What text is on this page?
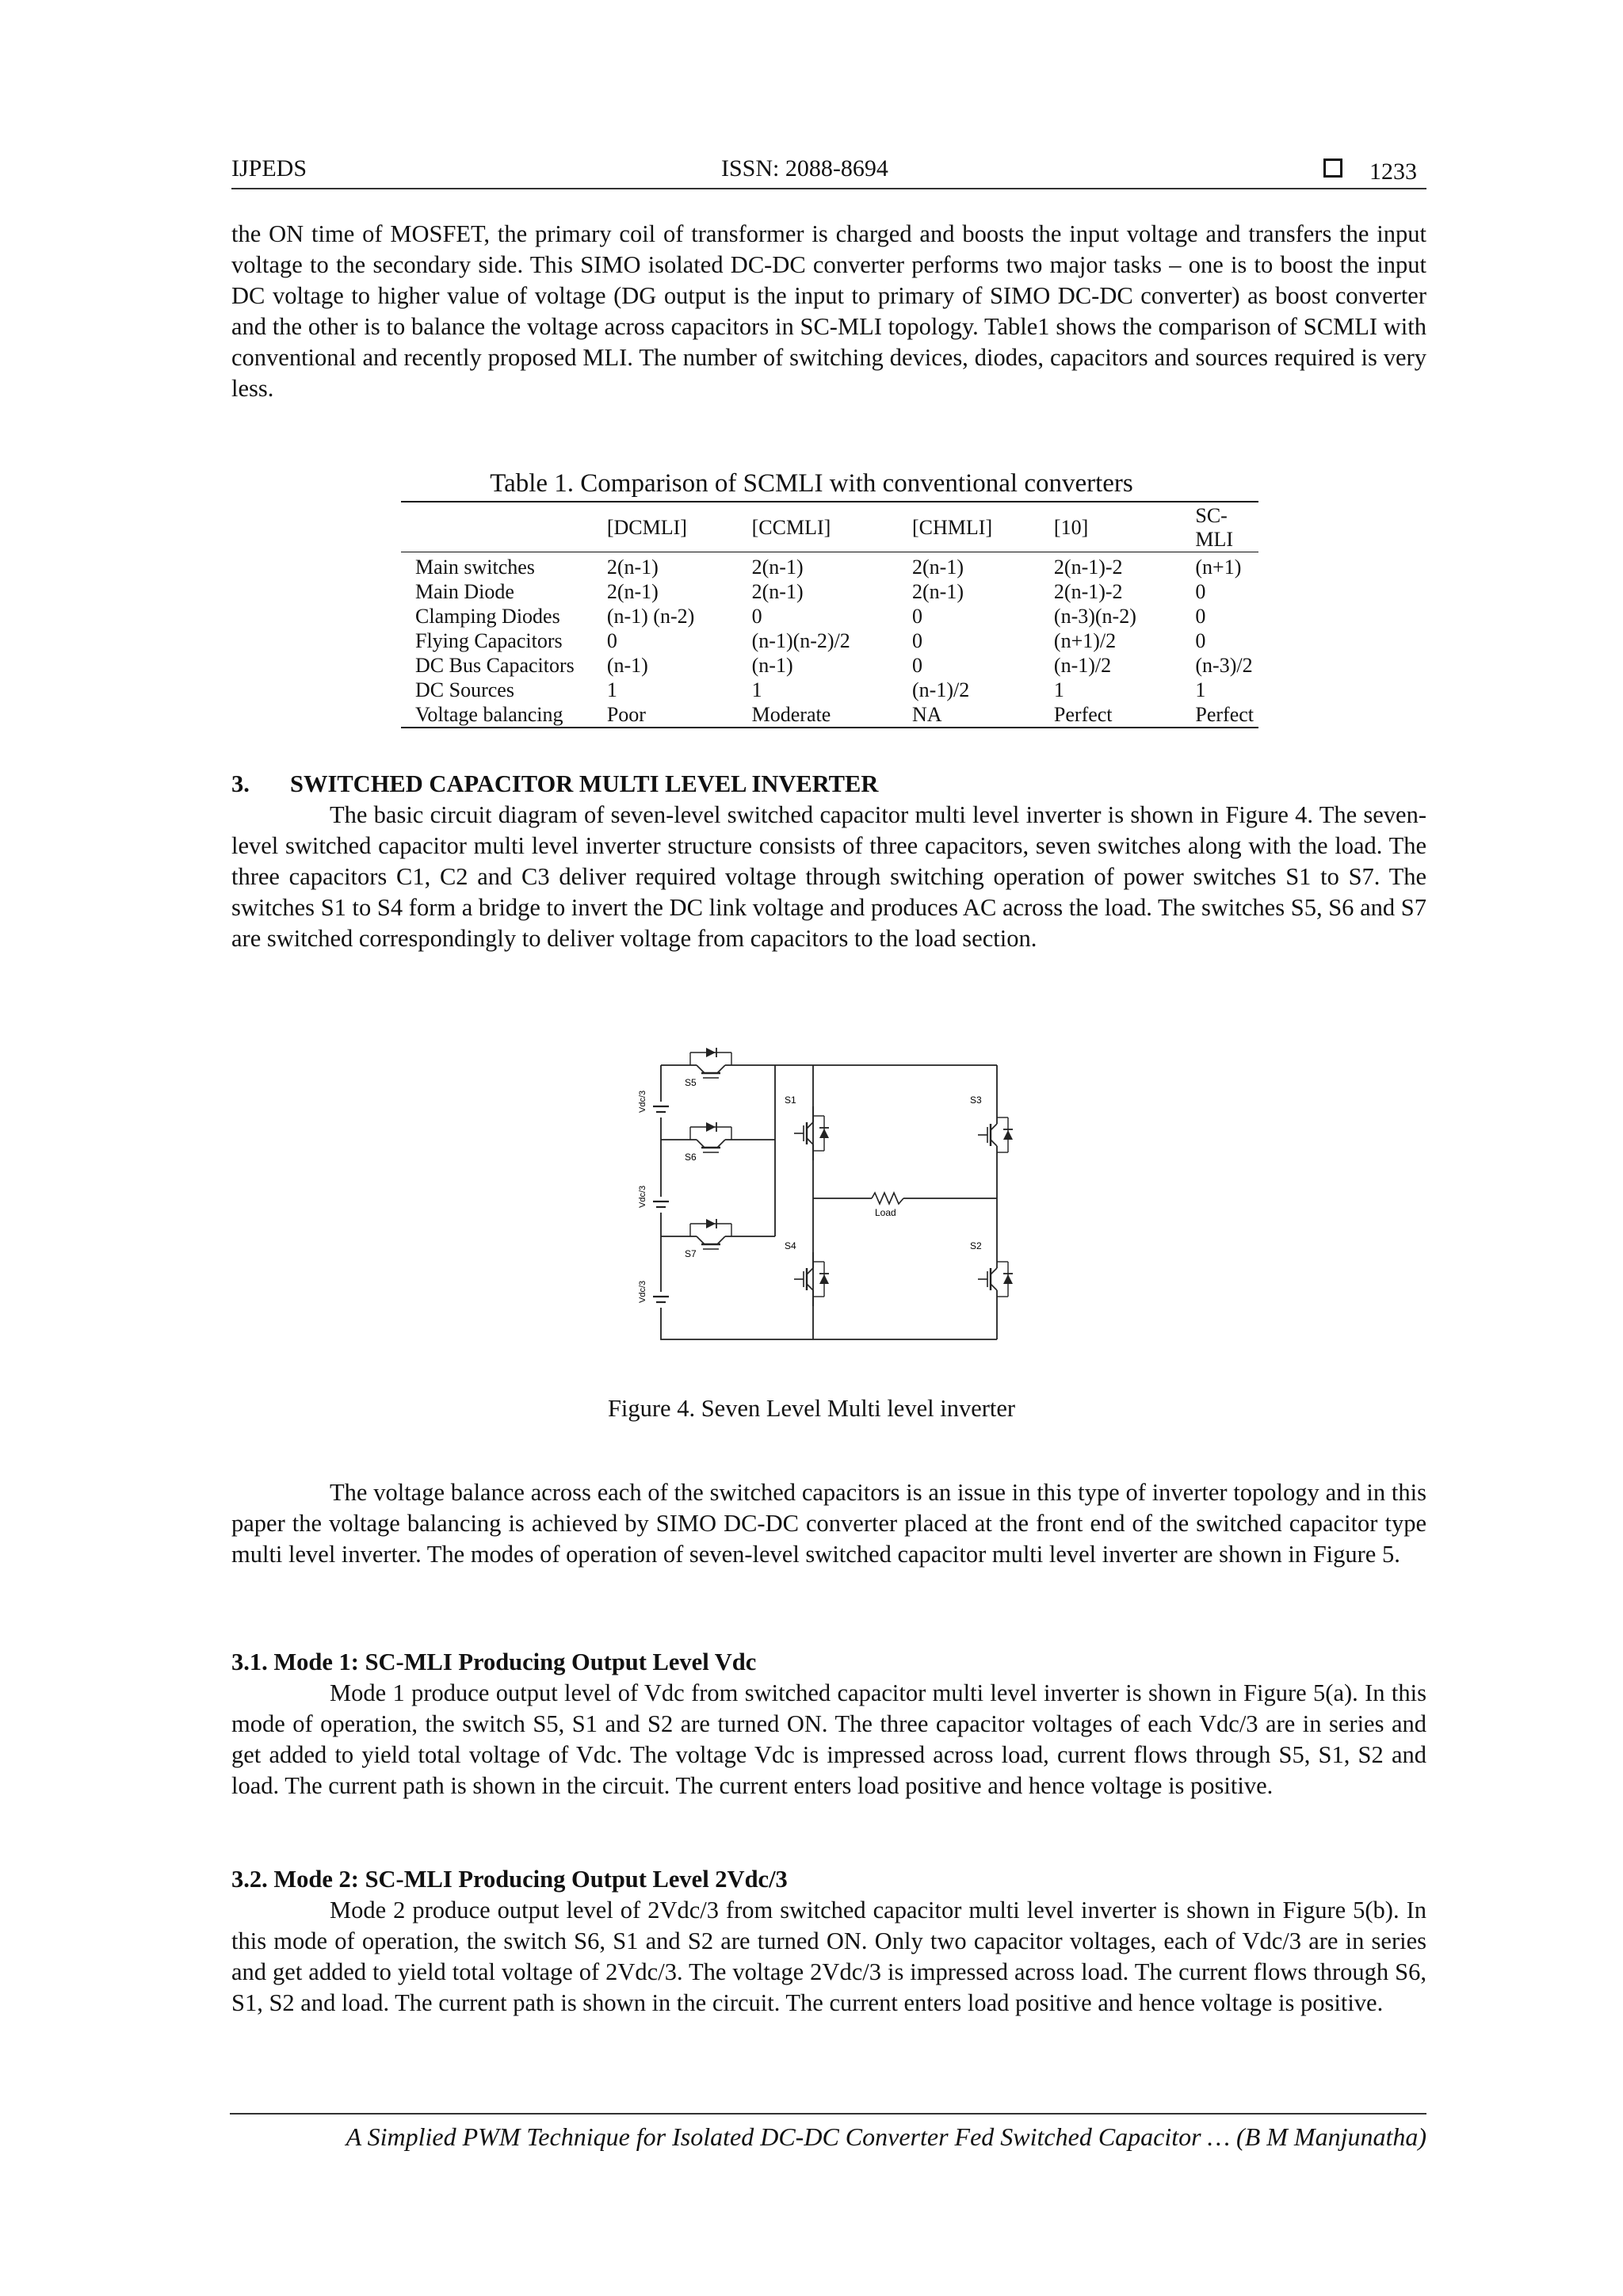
IJPEDS	ISSN: 2088-8694	1233

the ON time of MOSFET, the primary coil of transformer is charged and boosts the input voltage and transfers the input voltage to the secondary side. This SIMO isolated DC-DC converter performs two major tasks – one is to boost the input DC voltage to higher value of voltage (DG output is the input to primary of SIMO DC-DC converter) as boost converter and the other is to balance the voltage across capacitors in SC-MLI topology. Table1 shows the comparison of SCMLI with conventional and recently proposed MLI. The number of switching devices, diodes, capacitors and sources required is very less.

Table 1. Comparison of SCMLI with conventional converters
	[DCMLI]	[CCMLI]	[CHMLI]	[10]	SC-MLI
Main switches	2(n-1)	2(n-1)	2(n-1)	2(n-1)-2	(n+1)
Main Diode	2(n-1)	2(n-1)	2(n-1)	2(n-1)-2	0
Clamping Diodes	(n-1) (n-2)	0	0	(n-3)(n-2)	0
Flying Capacitors	0	(n-1)(n-2)/2	0	(n+1)/2	0
DC Bus Capacitors	(n-1)	(n-1)	0	(n-1)/2	(n-3)/2
DC Sources	1	1	(n-1)/2	1	1
Voltage balancing	Poor	Moderate	NA	Perfect	Perfect
3. SWITCHED CAPACITOR MULTI LEVEL INVERTER

The basic circuit diagram of seven-level switched capacitor multi level inverter is shown in Figure 4. The seven-level switched capacitor multi level inverter structure consists of three capacitors, seven switches along with the load. The three capacitors C1, C2 and C3 deliver required voltage through switching operation of power switches S1 to S7. The switches S1 to S4 form a bridge to invert the DC link voltage and produces AC across the load. The switches S5, S6 and S7 are switched correspondingly to deliver voltage from capacitors to the load section.

Vdc/3
Vdc/3
Vdc/3
S5
S6
S7
S1	S3
S4	S2
Load
Figure 4. Seven Level Multi level inverter

The voltage balance across each of the switched capacitors is an issue in this type of inverter topology and in this paper the voltage balancing is achieved by SIMO DC-DC converter placed at the front end of the switched capacitor type multi level inverter. The modes of operation of seven-level switched capacitor multi level inverter are shown in Figure 5.

3.1. Mode 1: SC-MLI Producing Output Level Vdc

Mode 1 produce output level of Vdc from switched capacitor multi level inverter is shown in Figure 5(a). In this mode of operation, the switch S5, S1 and S2 are turned ON. The three capacitor voltages of each Vdc/3 are in series and get added to yield total voltage of Vdc. The voltage Vdc is impressed across load, current flows through S5, S1, S2 and load. The current path is shown in the circuit. The current enters load positive and hence voltage is positive.

3.2. Mode 2: SC-MLI Producing Output Level 2Vdc/3

Mode 2 produce output level of 2Vdc/3 from switched capacitor multi level inverter is shown in Figure 5(b). In this mode of operation, the switch S6, S1 and S2 are turned ON. Only two capacitor voltages, each of Vdc/3 are in series and get added to yield total voltage of 2Vdc/3. The voltage 2Vdc/3 is impressed across load. The current flows through S6, S1, S2 and load. The current path is shown in the circuit. The current enters load positive and hence voltage is positive.

A Simplied PWM Technique for Isolated DC-DC Converter Fed Switched Capacitor … (B M Manjunatha)
